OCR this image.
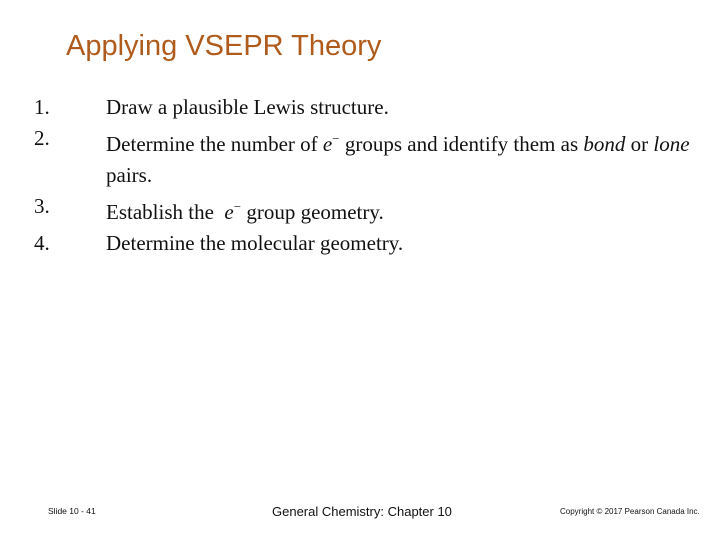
Applying VSEPR Theory
1.	Draw a plausible Lewis structure.
2.	Determine the number of e− groups and identify them as bond or lone pairs.
3.	Establish the  e− group geometry.
4.	Determine the molecular geometry.
Slide 10 - 41	General Chemistry: Chapter 10	Copyright © 2017 Pearson Canada Inc.
